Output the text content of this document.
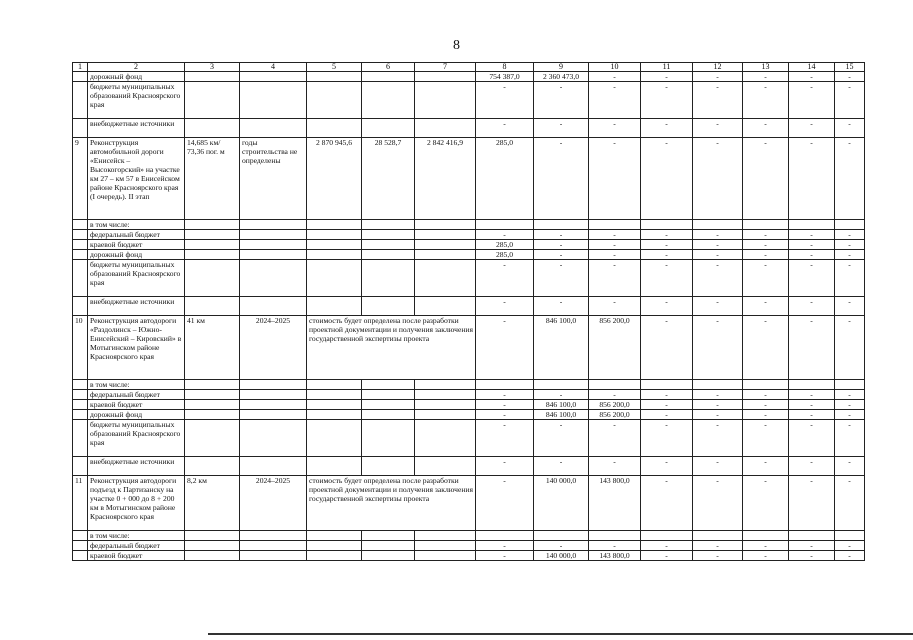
8
1	2	3	4	5	6	7	8	9	10	11	12	13	14	15
	дорожный фонд						754 387,0	2 360 473,0	-	-	-	-	-	-
	бюджеты муниципальных образований Красноярского края						-	-	-	-	-	-	-	-
	внебюджетные источники						-	-	-	-	-	-	-	-
9	Реконструкция автомобильной дороги «Енисейск – Высокогорский» на участке км 27 – км 57 в Енисейском районе Красноярского края (I очередь). II этап	14,685 км/ 73,36 пог. м	годы строительства не определены	2 870 945,6	28 528,7	2 842 416,9	285,0	-	-	-	-	-	-	-
	в том числе:													
	федеральный бюджет						-	-	-	-	-	-	-	-
	краевой бюджет						285,0	-	-	-	-	-	-	-
	дорожный фонд						285,0	-	-	-	-	-	-	-
	бюджеты муниципальных образований Красноярского края						-	-	-	-	-	-	-	-
	внебюджетные источники						-	-	-	-	-	-	-	-
10	Реконструкция автодороги «Раздолинск – Южно-Енисейский – Кировский» в Мотыгинском районе Красноярского края	41 км	2024–2025	стоимость будет определена после разработки проектной документации и получения заключения государственной экспертизы проекта			-	846 100,0	856 200,0	-	-	-	-	-
	в том числе:													
	федеральный бюджет						-	-	-	-	-	-	-	-
	краевой бюджет						-	846 100,0	856 200,0	-	-	-	-	-
	дорожный фонд						-	846 100,0	856 200,0	-	-	-	-	-
	бюджеты муниципальных образований Красноярского края						-	-	-	-	-	-	-	-
	внебюджетные источники						-	-	-	-	-	-	-	-
11	Реконструкция автодороги подъезд к Партизанску на участке 0 + 000 до 8 + 200 км в Мотыгинском районе Красноярского края	8,2 км	2024–2025	стоимость будет определена после разработки проектной документации и получения заключения государственной экспертизы проекта			-	140 000,0	143 800,0	-	-	-	-	-
	в том числе:													
	федеральный бюджет						-	-	-	-	-	-	-	-
	краевой бюджет						-	140 000,0	143 800,0	-	-	-	-	-
